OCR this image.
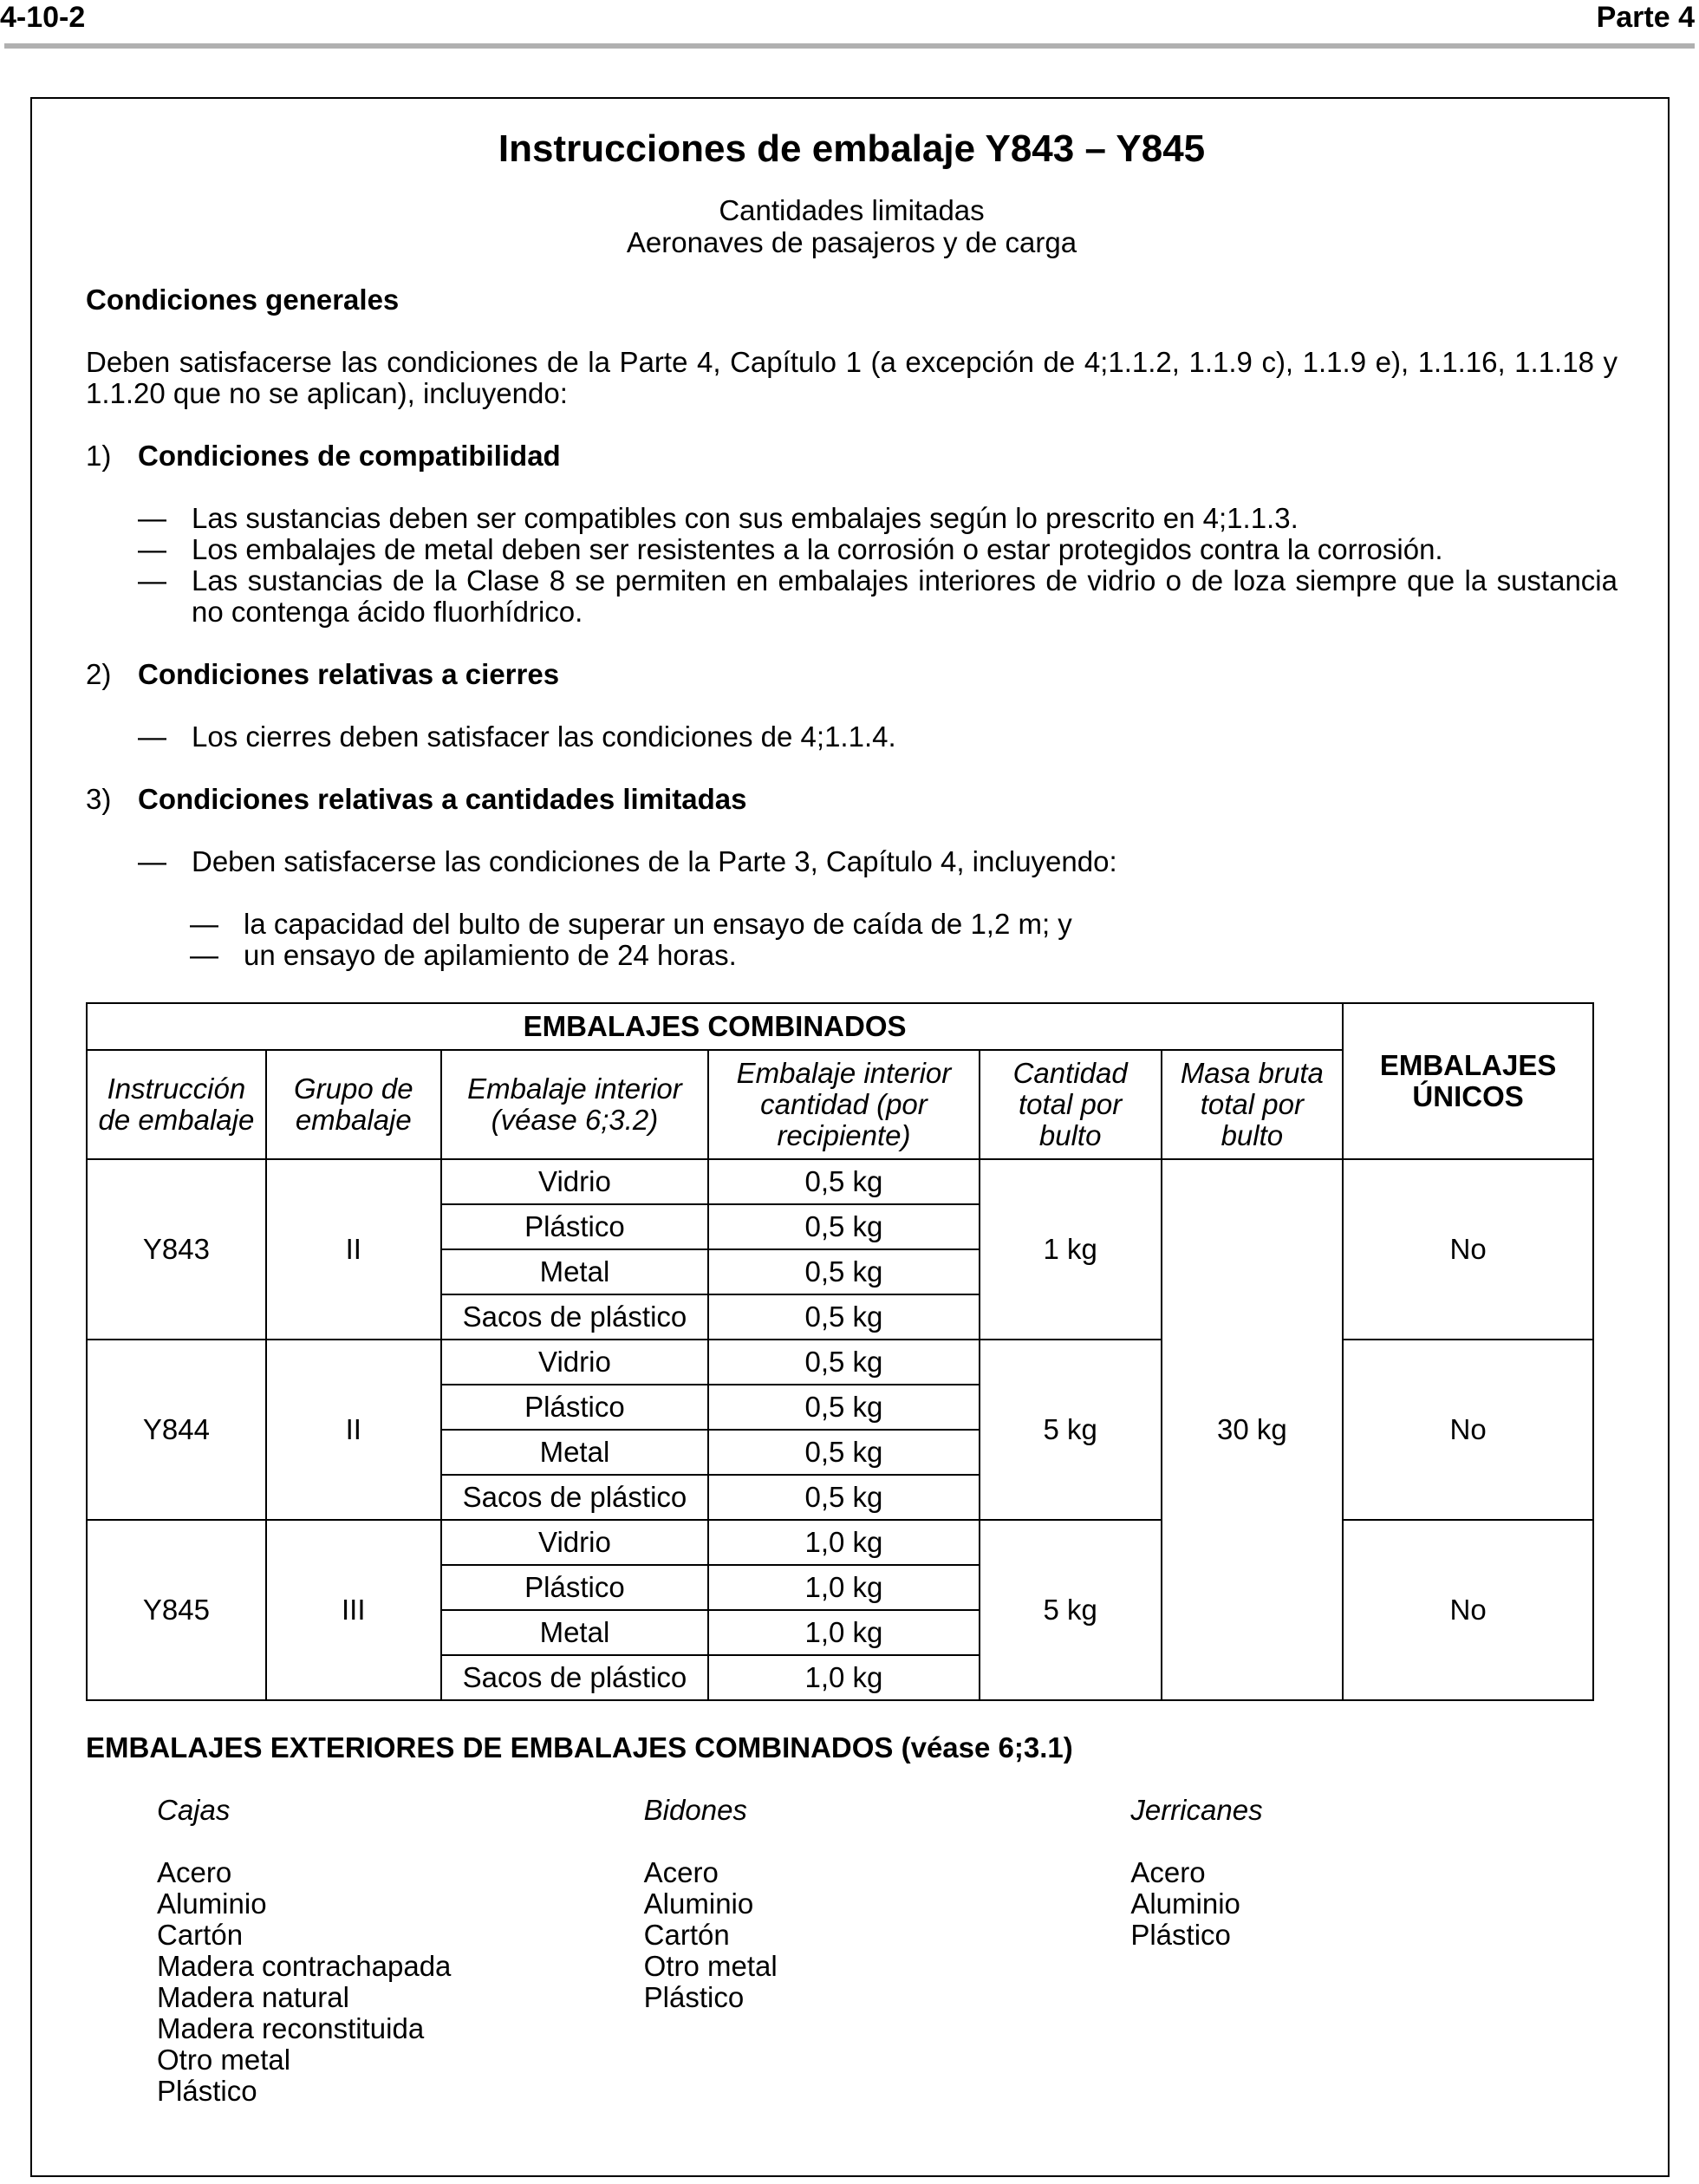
4-10-2	Parte 4
Instrucciones de embalaje Y843 – Y845
Cantidades limitadas
Aeronaves de pasajeros y de carga
Condiciones generales
Deben satisfacerse las condiciones de la Parte 4, Capítulo 1 (a excepción de 4;1.1.2, 1.1.9 c), 1.1.9 e), 1.1.16, 1.1.18 y 1.1.20 que no se aplican), incluyendo:
1) Condiciones de compatibilidad
— Las sustancias deben ser compatibles con sus embalajes según lo prescrito en 4;1.1.3.
— Los embalajes de metal deben ser resistentes a la corrosión o estar protegidos contra la corrosión.
— Las sustancias de la Clase 8 se permiten en embalajes interiores de vidrio o de loza siempre que la sustancia no contenga ácido fluorhídrico.
2) Condiciones relativas a cierres
— Los cierres deben satisfacer las condiciones de 4;1.1.4.
3) Condiciones relativas a cantidades limitadas
— Deben satisfacerse las condiciones de la Parte 3, Capítulo 4, incluyendo:
— la capacidad del bulto de superar un ensayo de caída de 1,2 m; y
— un ensayo de apilamiento de 24 horas.
EMBALAJES COMBINADOS						EMBALAJES ÚNICOS
Instrucción de embalaje	Grupo de embalaje	Embalaje interior (véase 6;3.2)	Embalaje interior cantidad (por recipiente)	Cantidad total por bulto	Masa bruta total por bulto	
Y843	II	Vidrio	0,5 kg	1 kg	30 kg	No
		Plástico	0,5 kg			
		Metal	0,5 kg			
		Sacos de plástico	0,5 kg			
Y844	II	Vidrio	0,5 kg	5 kg		No
		Plástico	0,5 kg			
		Metal	0,5 kg			
		Sacos de plástico	0,5 kg			
Y845	III	Vidrio	1,0 kg	5 kg		No
		Plástico	1,0 kg			
		Metal	1,0 kg			
		Sacos de plástico	1,0 kg			
EMBALAJES EXTERIORES DE EMBALAJES COMBINADOS (véase 6;3.1)
Cajas
Acero
Aluminio
Cartón
Madera contrachapada
Madera natural
Madera reconstituida
Otro metal
Plástico
Bidones
Acero
Aluminio
Cartón
Otro metal
Plástico
Jerricanes
Acero
Aluminio
Plástico
